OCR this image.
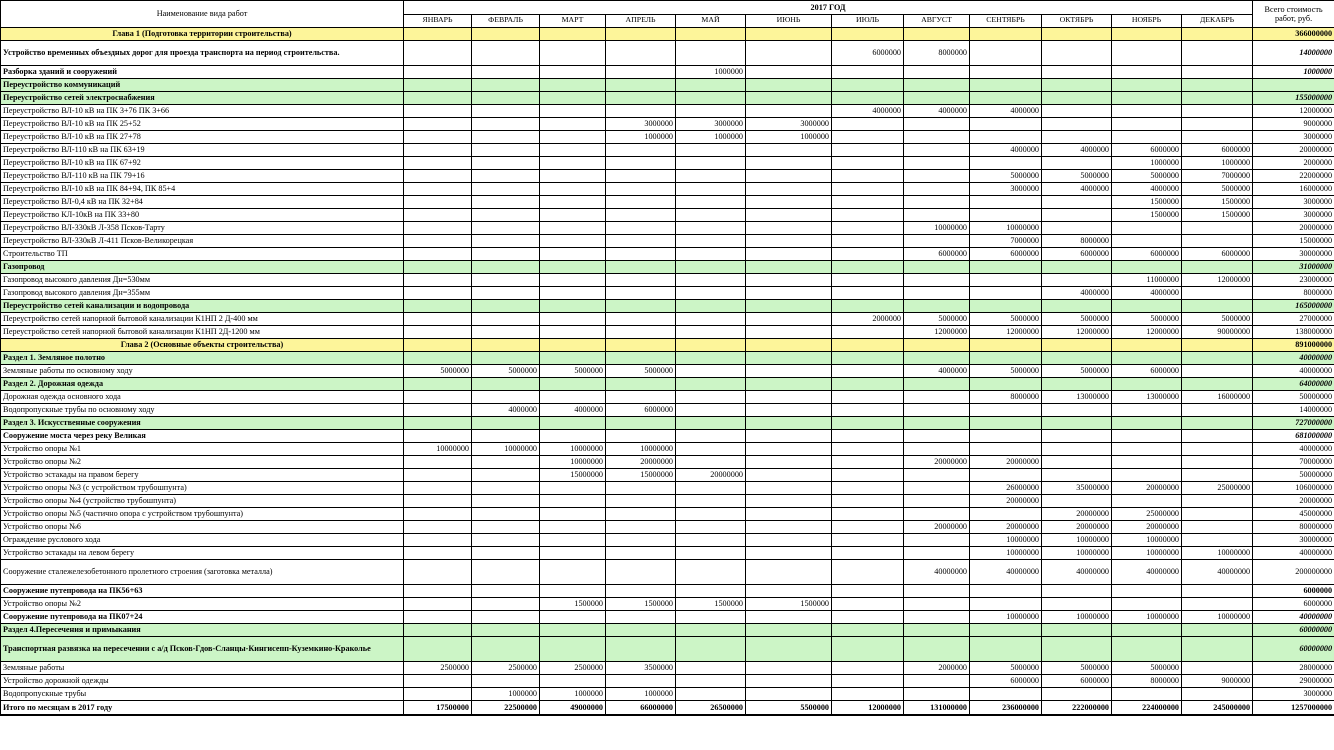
Наименование вида работ	2017 ГОД												Всего стоимость работ, руб.
	ЯНВАРЬ	ФЕВРАЛЬ	МАРТ	АПРЕЛЬ	МАЙ	ИЮНЬ	ИЮЛЬ	АВГУСТ	СЕНТЯБРЬ	ОКТЯБРЬ	НОЯБРЬ	ДЕКАБРЬ	
Глава 1 (Подготовка территории строительства)													366000000
Устройство временных объездных дорог для проезда транспорта на период строительства.							6000000	8000000					14000000
Разборка зданий и сооружений					1000000								1000000
Переустройство коммуникаций													
Переустройство сетей электроснабжения													155000000
Переустройство ВЛ-10 кВ на ПК 3+76 ПК 3+66							4000000	4000000	4000000				12000000
Переустройство ВЛ-10 кВ на ПК 25+52				3000000	3000000	3000000							9000000
Переустройство ВЛ-10 кВ на ПК 27+78				1000000	1000000	1000000							3000000
Переустройство ВЛ-110 кВ на ПК 63+19									4000000	4000000	6000000	6000000	20000000
Переустройство ВЛ-10 кВ на ПК 67+92											1000000	1000000	2000000
Переустройство ВЛ-110 кВ на ПК 79+16									5000000	5000000	5000000	7000000	22000000
Переустройство ВЛ-10 кВ на ПК 84+94, ПК 85+4									3000000	4000000	4000000	5000000	16000000
Переустройство ВЛ-0,4 кВ на ПК 32+84											1500000	1500000	3000000
Переустройство КЛ-10кВ на ПК 33+80											1500000	1500000	3000000
Переустройство ВЛ-330кВ Л-358 Псков-Тарту								10000000	10000000				20000000
Переустройство ВЛ-330кВ Л-411 Псков-Великорецкая									7000000	8000000			15000000
Строительство ТП								6000000	6000000	6000000	6000000	6000000	30000000
Газопровод													31000000
Газопровод высокого давления Дн=530мм											11000000	12000000	23000000
Газопровод высокого давления Дн=355мм										4000000	4000000		8000000
Переустройство сетей канализации и водопровода													165000000
Переустройство сетей напорной бытовой канализации К1НП 2 Д-400 мм							2000000	5000000	5000000	5000000	5000000	5000000	27000000
Переустройство сетей напорной бытовой канализации К1НП 2Д-1200 мм								12000000	12000000	12000000	12000000	90000000	138000000
Глава 2 (Основные объекты строительства)													891000000
Раздел 1. Земляное полотно													40000000
Земляные работы по основному ходу	5000000	5000000	5000000	5000000				4000000	5000000	5000000	6000000		40000000
Раздел 2. Дорожная одежда													64000000
Дорожная одежда основного хода									8000000	13000000	13000000	16000000	50000000
Водопропускные трубы по основному ходу		4000000	4000000	6000000									14000000
Раздел 3. Искусственные сооружения													727000000
Сооружение моста через реку Великая													681000000
Устройство опоры №1	10000000	10000000	10000000	10000000									40000000
Устройство опоры №2			10000000	20000000				20000000	20000000				70000000
Устройство эстакады на правом берегу			15000000	15000000	20000000								50000000
Устройство опоры №3 (с устройством трубошпунта)									26000000	35000000	20000000	25000000	106000000
Устройство опоры №4 (устройство трубошпунта)									20000000				20000000
Устройство опоры №5 (частично опора с устройством трубошпунта)										20000000	25000000		45000000
Устройство опоры №6								20000000	20000000	20000000	20000000		80000000
Ограждение руслового хода									10000000	10000000	10000000		30000000
Устройство эстакады на левом берегу									10000000	10000000	10000000	10000000	40000000
Сооружение сталежелезобетонного пролетного строения (заготовка металла)								40000000	40000000	40000000	40000000	40000000	200000000
Сооружение путепровода на ПК56+63													6000000
Устройство опоры №2			1500000	1500000	1500000	1500000							6000000
Сооружение путепровода на ПК07+24									10000000	10000000	10000000	10000000	40000000
Раздел 4.Пересечения и примыкания													60000000
Транспортная развязка на пересечении с а/д Псков-Гдов-Сланцы-Кингисепп-Куземкино-Краколье													60000000
Земляные работы	2500000	2500000	2500000	3500000				2000000	5000000	5000000	5000000		28000000
Устройство дорожной одежды									6000000	6000000	8000000	9000000	29000000
Водопропускные трубы		1000000	1000000	1000000									3000000
Итого по месяцам в 2017 году	17500000	22500000	49000000	66000000	26500000	5500000	12000000	131000000	236000000	222000000	224000000	245000000	1257000000
